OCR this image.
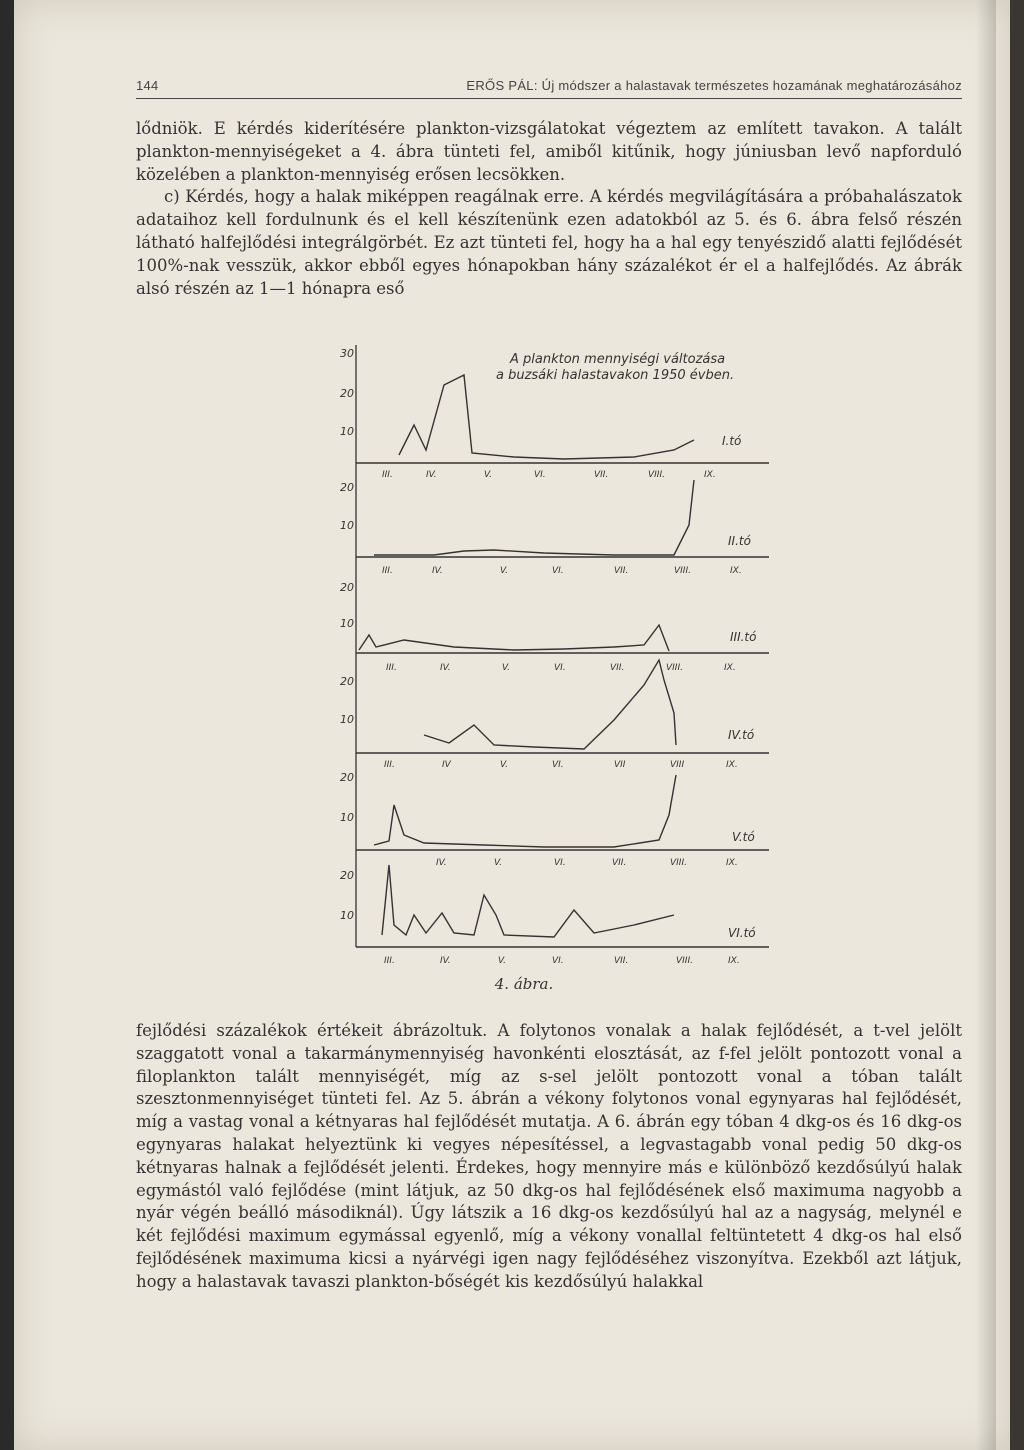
144	ERŐS PÁL: Új módszer a halastavak természetes hozamának meghatározásához

lődniök. E kérdés kiderítésére plankton-vizsgálatokat végeztem az említett tavakon. A talált plankton-mennyiségeket a 4. ábra tünteti fel, amiből kitűnik, hogy júniusban levő napforduló közelében a plankton-mennyiség erősen lecsökken.

c) Kérdés, hogy a halak miképpen reagálnak erre. A kérdés megvilágítására a próbahalászatok adataihoz kell fordulnunk és el kell készítenünk ezen adatokból az 5. és 6. ábra felső részén látható halfejlődési integrálgörbét. Ez azt tünteti fel, hogy ha a hal egy tenyészidő alatti fejlődését 100%-nak vesszük, akkor ebből egyes hónapokban hány százalékot ér el a halfejlődés. Az ábrák alsó részén az 1—1 hónapra eső

A plankton mennyiségi változása
a buzsáki halastavakon 1950 évben.
30
20
10
I.tó
III.	IV.	V.	VI.	VII.	VIII.	IX.
20
10
II.tó
III.	IV.	V.	VI.	VII.	VIII.	IX.
20
10
III.tó
III.	IV.	V.	VI.	VII.	VIII.	IX.
20
10
IV.tó
III.	IV	V.	VI.	VII	VIII	IX.
20
10
V.tó
IV.	V.	VI.	VII.	VIII.	IX.
20
10
VI.tó
III.	IV.	V.	VI.	VII.	VIII.	IX.
4. ábra.

fejlődési százalékok értékeit ábrázoltuk. A folytonos vonalak a halak fejlődését, a t-vel jelölt szaggatott vonal a takarmánymennyiség havonkénti elosztását, az f-fel jelölt pontozott vonal a filoplankton talált mennyiségét, míg az s-sel jelölt pontozott vonal a tóban talált szesztonmennyiséget tünteti fel. Az 5. ábrán a vékony folytonos vonal egynyaras hal fejlődését, míg a vastag vonal a kétnyaras hal fejlődését mutatja. A 6. ábrán egy tóban 4 dkg-os és 16 dkg-os egynyaras halakat helyeztünk ki vegyes népesítéssel, a legvastagabb vonal pedig 50 dkg-os kétnyaras halnak a fejlődését jelenti. Érdekes, hogy mennyire más e különböző kezdősúlyú halak egymástól való fejlődése (mint látjuk, az 50 dkg-os hal fejlődésének első maximuma nagyobb a nyár végén beálló másodiknál). Úgy látszik a 16 dkg-os kezdősúlyú hal az a nagyság, melynél e két fejlődési maximum egymással egyenlő, míg a vékony vonallal feltüntetett 4 dkg-os hal első fejlődésének maximuma kicsi a nyárvégi igen nagy fejlődéséhez viszonyítva. Ezekből azt látjuk, hogy a halastavak tavaszi plankton-bőségét kis kezdősúlyú halakkal
